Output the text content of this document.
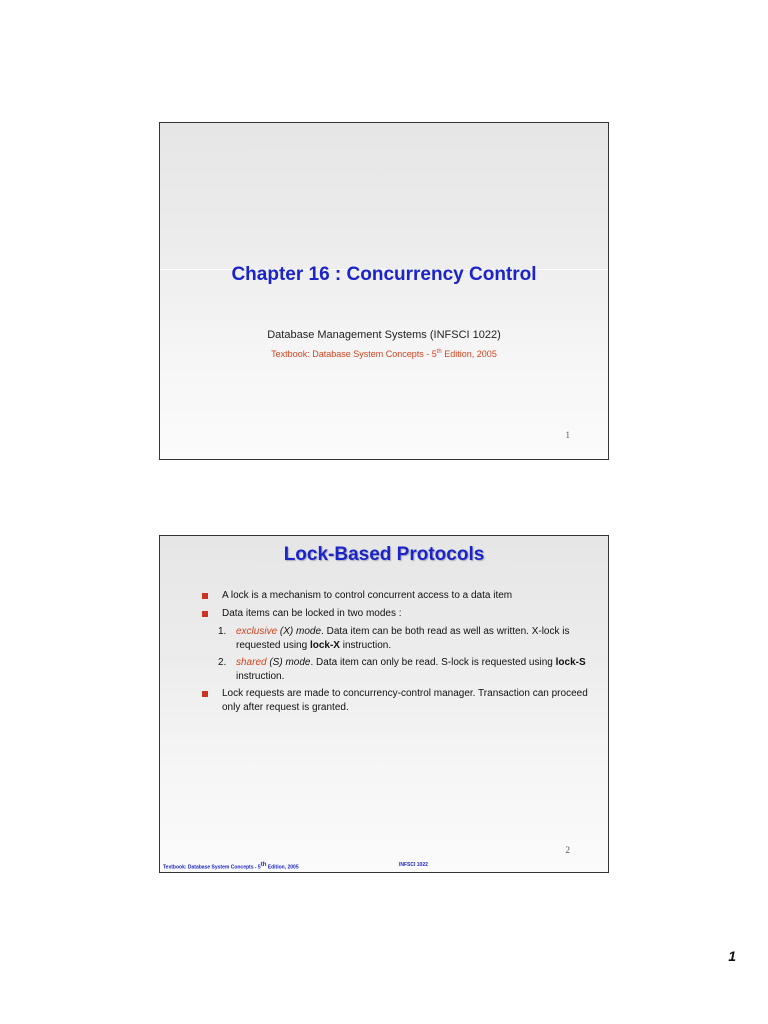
Chapter 16 : Concurrency Control
Database Management Systems (INFSCI 1022)
Textbook: Database System Concepts - 5th Edition, 2005
1
Lock-Based Protocols
A lock is a mechanism to control concurrent access to a data item
Data items can be locked in two modes :
1. exclusive (X) mode. Data item can be both read as well as written. X-lock is requested using lock-X instruction.
2. shared (S) mode. Data item can only be read. S-lock is requested using lock-S instruction.
Lock requests are made to concurrency-control manager. Transaction can proceed only after request is granted.
2
Textbook: Database System Concepts - 5th Edition, 2005	INFSCI 1022
1
